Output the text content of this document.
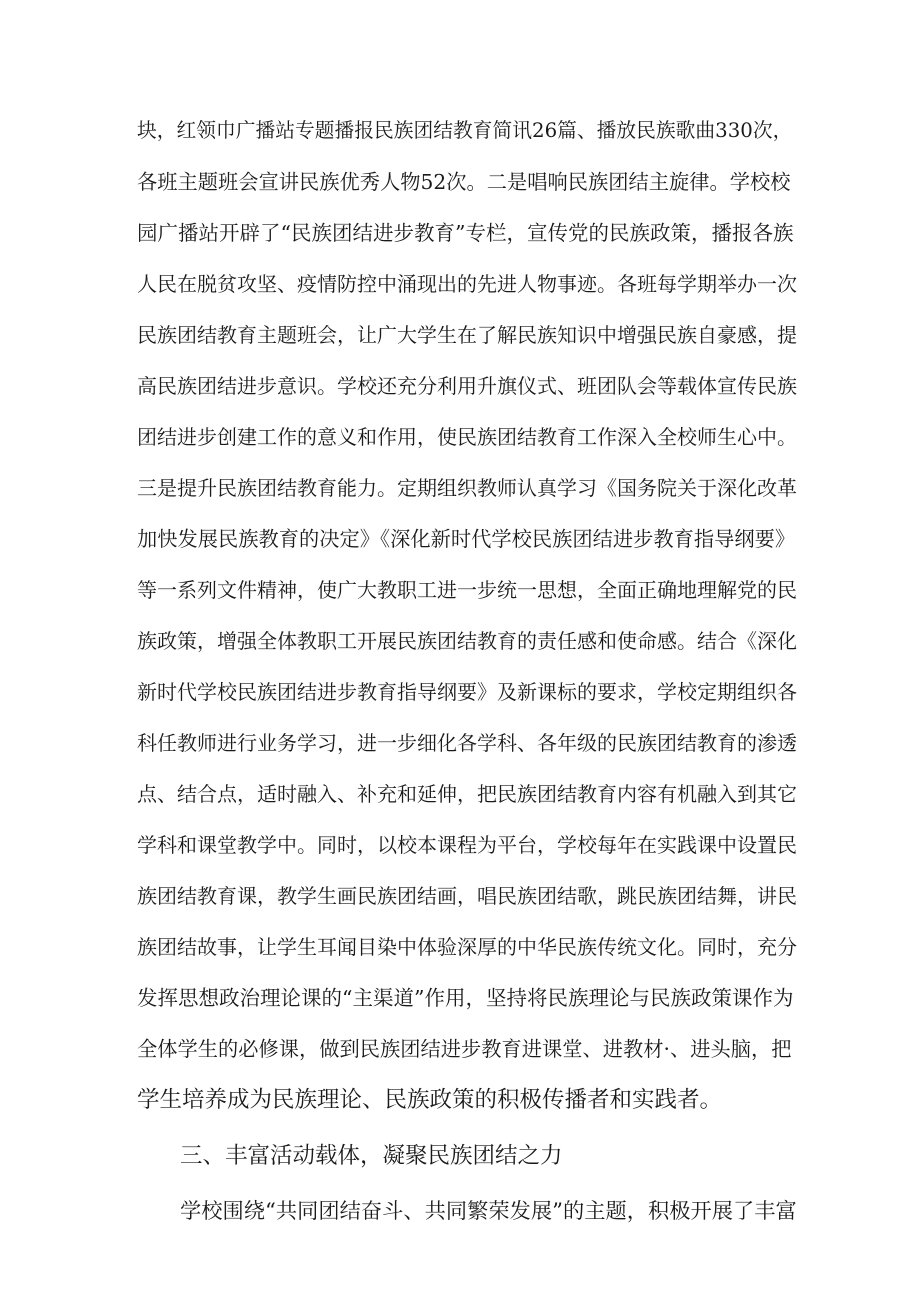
块，红领巾广播站专题播报民族团结教育简讯26篇、播放民族歌曲330次，
各班主题班会宣讲民族优秀人物52次。二是唱响民族团结主旋律。学校校
园广播站开辟了“民族团结进步教育”专栏，宣传党的民族政策，播报各族
人民在脱贫攻坚、疫情防控中涌现出的先进人物事迹。各班每学期举办一次
民族团结教育主题班会，让广大学生在了解民族知识中增强民族自豪感，提
高民族团结进步意识。学校还充分利用升旗仪式、班团队会等载体宣传民族
团结进步创建工作的意义和作用，使民族团结教育工作深入全校师生心中。
三是提升民族团结教育能力。定期组织教师认真学习《国务院关于深化改革
加快发展民族教育的决定》《深化新时代学校民族团结进步教育指导纲要》
等一系列文件精神，使广大教职工进一步统一思想，全面正确地理解党的民
族政策，增强全体教职工开展民族团结教育的责任感和使命感。结合《深化
新时代学校民族团结进步教育指导纲要》及新课标的要求，学校定期组织各
科任教师进行业务学习，进一步细化各学科、各年级的民族团结教育的渗透
点、结合点，适时融入、补充和延伸，把民族团结教育内容有机融入到其它
学科和课堂教学中。同时，以校本课程为平台，学校每年在实践课中设置民
族团结教育课，教学生画民族团结画，唱民族团结歌，跳民族团结舞，讲民
族团结故事，让学生耳闻目染中体验深厚的中华民族传统文化。同时，充分
发挥思想政治理论课的“主渠道”作用，坚持将民族理论与民族政策课作为
全体学生的必修课，做到民族团结进步教育进课堂、进教材·、进头脑，把
学生培养成为民族理论、民族政策的积极传播者和实践者。
三、丰富活动载体，凝聚民族团结之力
学校围绕“共同团结奋斗、共同繁荣发展”的主题，积极开展了丰富
